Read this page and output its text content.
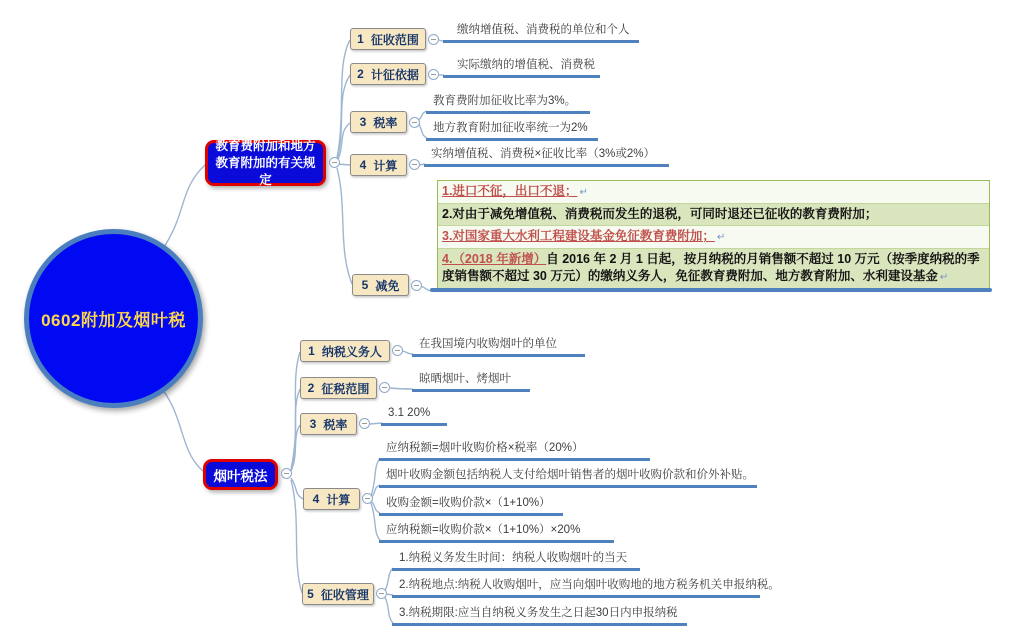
0602附加及烟叶税
教育费附加和地方教育附加的有关规定
烟叶税法
1 征收范围
2 计征依据
3 税率
4 计算
5 减免
缴纳增值税、消费税的单位和个人
实际缴纳的增值税、消费税
教育费附加征收比率为3%。
地方教育附加征收率统一为2%
实纳增值税、消费税×征收比率（3%或2%）
1.进口不征，出口不退； ↵
2.对由于减免增值税、消费税而发生的退税，可同时退还已征收的教育费附加；
3.对国家重大水利工程建设基金免征教育费附加； ↵
4.（2018 年新增）自 2016 年 2 月 1 日起，按月纳税的月销售额不超过 10 万元（按季度纳税的季度销售额不超过 30 万元）的缴纳义务人，免征教育费附加、地方教育附加、水利建设基金 ↵
1 纳税义务人
2 征税范围
3 税率
4 计算
5 征收管理
在我国境内收购烟叶的单位
晾晒烟叶、烤烟叶
3.1 20%
应纳税额=烟叶收购价格×税率（20%）
烟叶收购金额包括纳税人支付给烟叶销售者的烟叶收购价款和价外补贴。
收购金额=收购价款×（1+10%）
应纳税额=收购价款×（1+10%）×20%
1.纳税义务发生时间：纳税人收购烟叶的当天
2.纳税地点:纳税人收购烟叶，应当向烟叶收购地的地方税务机关申报纳税。
3.纳税期限:应当自纳税义务发生之日起30日内申报纳税
